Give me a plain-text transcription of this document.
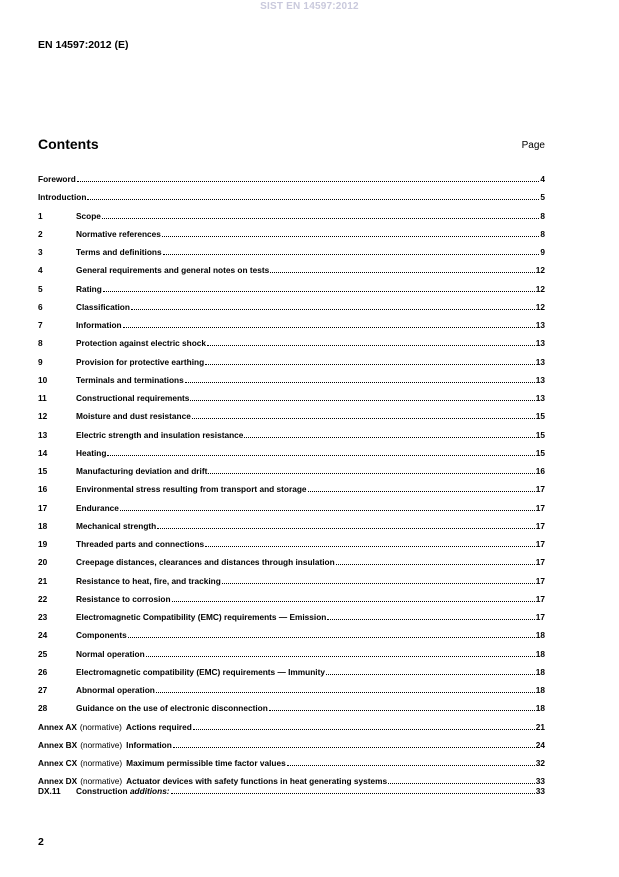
SIST EN 14597:2012
EN 14597:2012 (E)
Contents	Page
Foreword	4
Introduction	5
1	Scope	8
2	Normative references	8
3	Terms and definitions	9
4	General requirements and general notes on tests	12
5	Rating	12
6	Classification	12
7	Information	13
8	Protection against electric shock	13
9	Provision for protective earthing	13
10	Terminals and terminations	13
11	Constructional requirements	13
12	Moisture and dust resistance	15
13	Electric strength and insulation resistance	15
14	Heating	15
15	Manufacturing deviation and drift	16
16	Environmental stress resulting from transport and storage	17
17	Endurance	17
18	Mechanical strength	17
19	Threaded parts and connections	17
20	Creepage distances, clearances and distances through insulation	17
21	Resistance to heat, fire, and tracking	17
22	Resistance to corrosion	17
23	Electromagnetic Compatibility (EMC) requirements — Emission	17
24	Components	18
25	Normal operation	18
26	Electromagnetic compatibility (EMC) requirements — Immunity	18
27	Abnormal operation	18
28	Guidance on the use of electronic disconnection	18
Annex AX (normative) Actions required	21
Annex BX (normative) Information	24
Annex CX (normative) Maximum permissible time factor values	32
Annex DX (normative) Actuator devices with safety functions in heat generating systems	33
DX.11	Construction additions:	33
2
